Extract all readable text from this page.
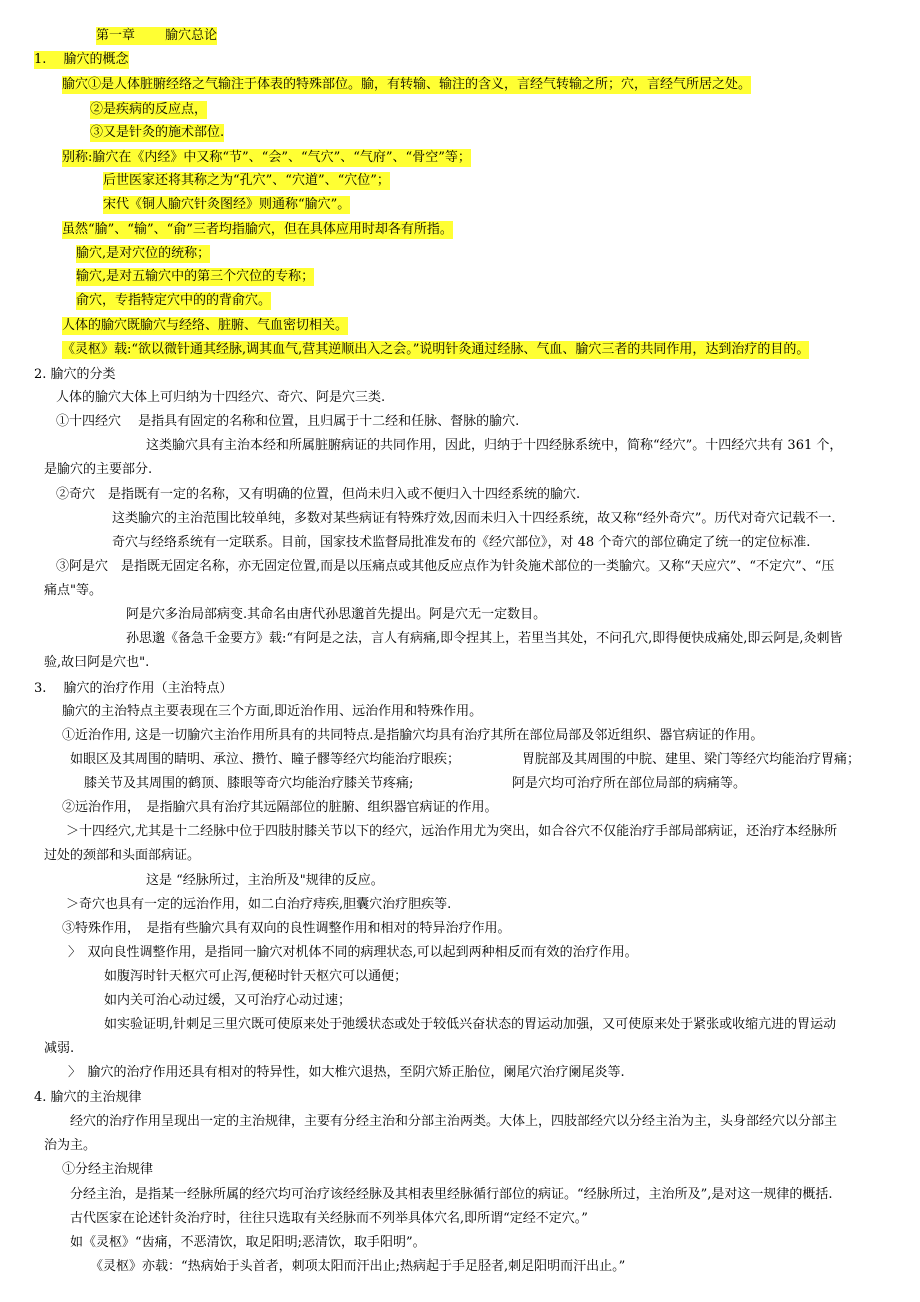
第一章　　 腧穴总论
1.　 腧穴的概念
腧穴①是人体脏腑经络之气输注于体表的特殊部位。腧，有转输、输注的含义，言经气转输之所；穴，言经气所居之处。
②是疾病的反应点，
③又是针灸的施术部位.
别称:腧穴在《内经》中又称“节”、“会”、“气穴”、“气府”、“骨空”等；
后世医家还将其称之为“孔穴”、“穴道”、“穴位”；
宋代《铜人腧穴针灸图经》则通称“腧穴”。
虽然“腧”、“输”、“俞”三者均指腧穴，但在具体应用时却各有所指。
腧穴,是对穴位的统称；
输穴,是对五输穴中的第三个穴位的专称；
俞穴，专指特定穴中的的背俞穴。
人体的腧穴既腧穴与经络、脏腑、气血密切相关。
《灵枢》载:“欲以微针通其经脉,调其血气,营其逆顺出入之会。”说明针灸通过经脉、气血、腧穴三者的共同作用，达到治疗的目的。
2. 腧穴的分类
人体的腧穴大体上可归纳为十四经穴、奇穴、阿是穴三类.
①十四经穴　 是指具有固定的名称和位置，且归属于十二经和任脉、督脉的腧穴.
这类腧穴具有主治本经和所属脏腑病证的共同作用，因此，归纳于十四经脉系统中，简称“经穴”。十四经穴共有 361 个，
是腧穴的主要部分.
②奇穴　是指既有一定的名称，又有明确的位置，但尚未归入或不便归入十四经系统的腧穴.
这类腧穴的主治范围比较单纯，多数对某些病证有特殊疗效,因而未归入十四经系统，故又称“经外奇穴”。历代对奇穴记载不一.
奇穴与经络系统有一定联系。目前，国家技术监督局批准发布的《经穴部位》，对 48 个奇穴的部位确定了统一的定位标准.
③阿是穴　是指既无固定名称，亦无固定位置,而是以压痛点或其他反应点作为针灸施术部位的一类腧穴。又称“天应穴”、“不定穴”、“压
痛点"等。
阿是穴多治局部病变.其命名由唐代孙思邈首先提出。阿是穴无一定数目。
孙思邈《备急千金要方》载:“有阿是之法，言人有病痛,即令捏其上，若里当其处，不问孔穴,即得便快成痛处,即云阿是,灸刺皆
验,故曰阿是穴也".
3.　 腧穴的治疗作用（主治特点）
腧穴的主治特点主要表现在三个方面,即近治作用、远治作用和特殊作用。
①近治作用, 这是一切腧穴主治作用所具有的共同特点.是指腧穴均具有治疗其所在部位局部及邻近组织、器官病证的作用。
如眼区及其周围的睛明、承泣、攒竹、瞳子髎等经穴均能治疗眼疾；	胃脘部及其周围的中脘、建里、梁门等经穴均能治疗胃痛；
膝关节及其周围的鹤顶、膝眼等奇穴均能治疗膝关节疼痛;	阿是穴均可治疗所在部位局部的病痛等。
②远治作用，　是指腧穴具有治疗其远隔部位的脏腑、组织器官病证的作用。
＞十四经穴,尤其是十二经脉中位于四肢肘膝关节以下的经穴，远治作用尤为突出，如合谷穴不仅能治疗手部局部病证，还治疗本经脉所
过处的颈部和头面部病证。
这是 “经脉所过，主治所及"规律的反应。
＞奇穴也具有一定的远治作用，如二白治疗痔疾,胆囊穴治疗胆疾等.
③特殊作用，　是指有些腧穴具有双向的良性调整作用和相对的特异治疗作用。
〉　双向良性调整作用，是指同一腧穴对机体不同的病理状态,可以起到两种相反而有效的治疗作用。
如腹泻时针天枢穴可止泻,便秘时针天枢穴可以通便；
如内关可治心动过缓，又可治疗心动过速；
如实验证明,针刺足三里穴既可使原来处于弛缓状态或处于较低兴奋状态的胃运动加强，又可使原来处于紧张或收缩亢进的胃运动
减弱.
〉　腧穴的治疗作用还具有相对的特异性，如大椎穴退热，至阴穴矫正胎位，阑尾穴治疗阑尾炎等.
4. 腧穴的主治规律
经穴的治疗作用呈现出一定的主治规律，主要有分经主治和分部主治两类。大体上，四肢部经穴以分经主治为主，头身部经穴以分部主
治为主。
①分经主治规律
分经主治，是指某一经脉所属的经穴均可治疗该经经脉及其相表里经脉循行部位的病证。“经脉所过，主治所及”,是对这一规律的概括.
古代医家在论述针灸治疗时，往往只选取有关经脉而不列举具体穴名,即所谓“定经不定穴。”
如《灵枢》“齿痛，不恶清饮，取足阳明;恶清饮，取手阳明”。
《灵枢》亦载：“热病始于头首者，刺项太阳而汗出止;热病起于手足胫者,刺足阳明而汗出止。”
